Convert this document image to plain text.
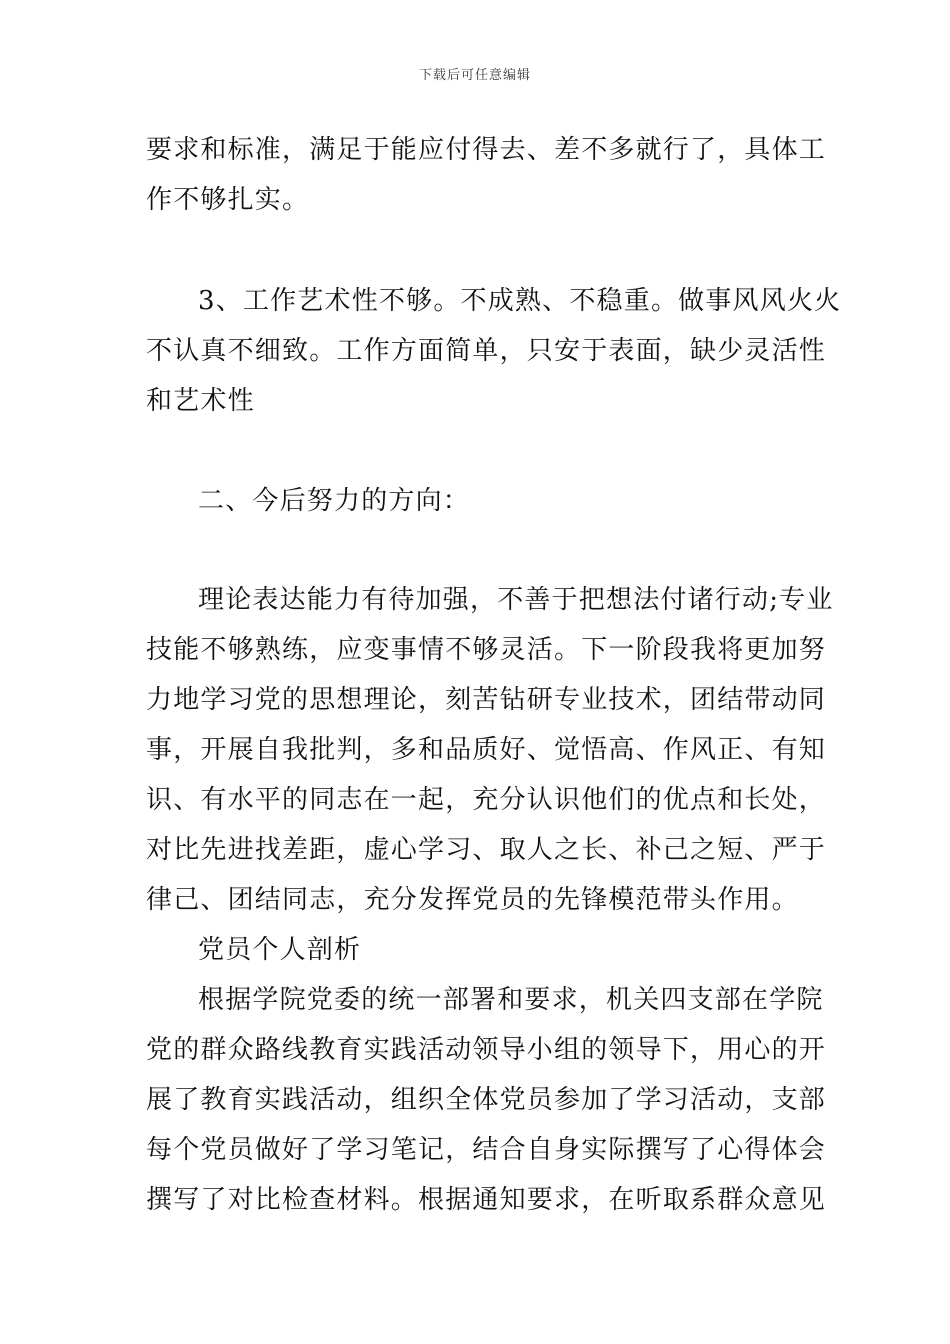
下载后可任意编辑
要求和标准，满足于能应付得去、差不多就行了，具体工
作不够扎实。
3、工作艺术性不够。不成熟、不稳重。做事风风火火
不认真不细致。工作方面简单，只安于表面，缺少灵活性
和艺术性
二、今后努力的方向：
理论表达能力有待加强，不善于把想法付诸行动;专业
技能不够熟练，应变事情不够灵活。下一阶段我将更加努
力地学习党的思想理论，刻苦钻研专业技术，团结带动同
事，开展自我批判，多和品质好、觉悟高、作风正、有知
识、有水平的同志在一起，充分认识他们的优点和长处，
对比先进找差距，虚心学习、取人之长、补己之短、严于
律己、团结同志，充分发挥党员的先锋模范带头作用。
党员个人剖析
根据学院党委的统一部署和要求，机关四支部在学院
党的群众路线教育实践活动领导小组的领导下，用心的开
展了教育实践活动，组织全体党员参加了学习活动，支部
每个党员做好了学习笔记，结合自身实际撰写了心得体会
撰写了对比检查材料。根据通知要求，在听取系群众意见
